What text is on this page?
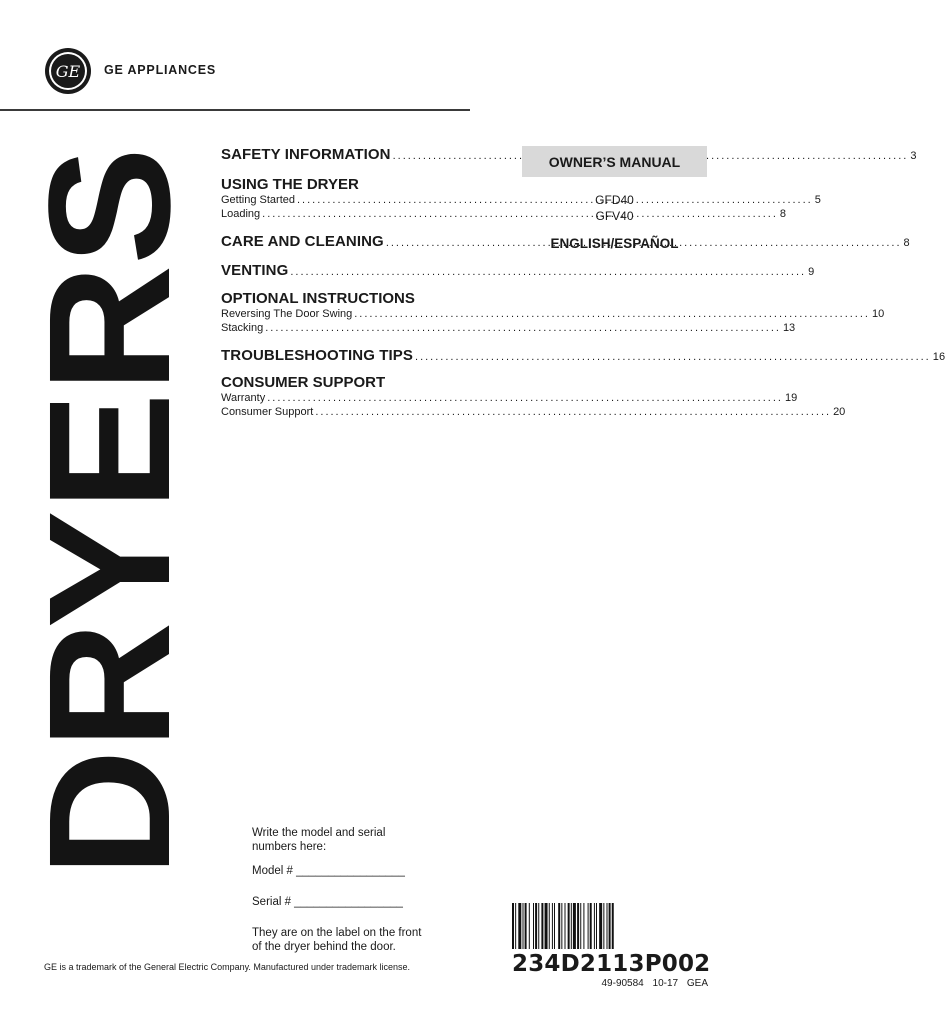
GE GE APPLIANCES
DRYERS
SAFETY INFORMATION .....	3
USING THE DRYER
Getting Started .....	5
Loading .....	8
CARE AND CLEANING .....	8
VENTING .....	9
OPTIONAL INSTRUCTIONS
Reversing The Door Swing .....	10
Stacking .....	13
TROUBLESHOOTING TIPS .....	16
CONSUMER SUPPORT
Warranty .....	19
Consumer Support .....	20
OWNER’S MANUAL
GFD40
GFV40
ENGLISH/ESPAÑOL

Write the model and serial

numbers here:

Model # _________________

Serial # _________________

They are on the label on the front

of the dryer behind the door.

GE is a trademark of the General Electric Company. Manufactured under trademark license.	234D2113P002
49-90584 10-17 GEA
